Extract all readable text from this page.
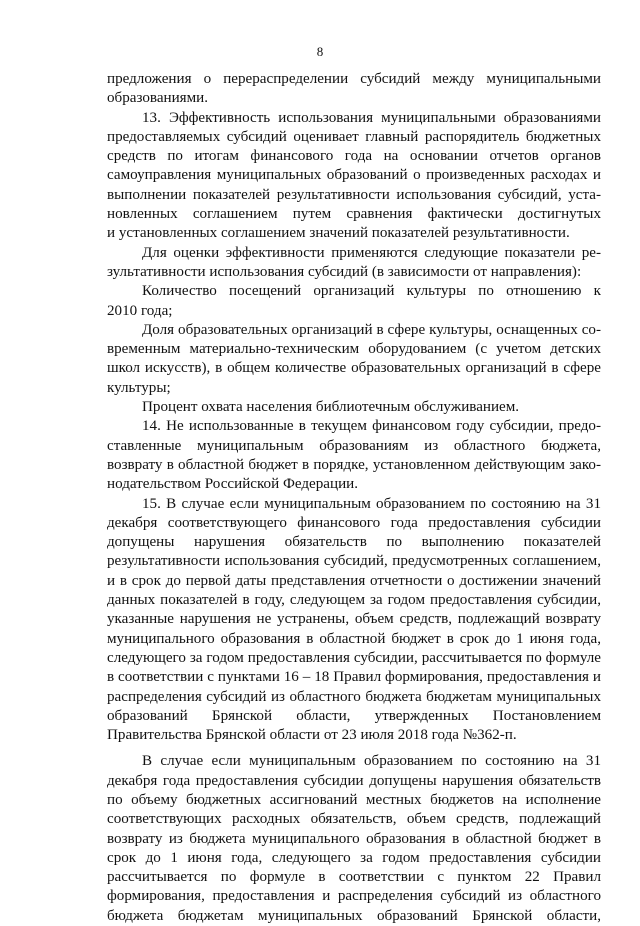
8
предложения о перераспределении субсидий между муниципальными
образованиями.
13. Эффективность использования муниципальными образованиями
предоставляемых субсидий оценивает главный распорядитель бюджетных
средств по итогам финансового года на основании отчетов органов
самоуправления муниципальных образований о произведенных расходах и
выполнении показателей результативности использования субсидий, уста-
новленных соглашением путем сравнения фактически достигнутых
и установленных соглашением значений показателей результативности.
Для оценки эффективности применяются следующие показатели ре-
зультативности использования субсидий (в зависимости от направления):
Количество посещений организаций культуры по отношению к
2010 года;
Доля образовательных организаций в сфере культуры, оснащенных со-
временным материально-техническим оборудованием (с учетом детских
школ искусств), в общем количестве образовательных организаций в сфере
культуры;
Процент охвата населения библиотечным обслуживанием.
14. Не использованные в текущем финансовом году субсидии, предо-
ставленные муниципальным образованиям из областного бюджета,
возврату в областной бюджет в порядке, установленном действующим зако-
нодательством Российской Федерации.
15. В случае если муниципальным образованием по состоянию на 31
декабря соответствующего финансового года предоставления субсидии
допущены нарушения обязательств по выполнению показателей
результативности использования субсидий, предусмотренных соглашением,
и в срок до первой даты представления отчетности о достижении значений
данных показателей в году, следующем за годом предоставления субсидии,
указанные нарушения не устранены, объем средств, подлежащий возврату
муниципального образования в областной бюджет в срок до 1 июня года,
следующего за годом предоставления субсидии, рассчитывается по формуле
в соответствии с пунктами 16 – 18 Правил формирования, предоставления и
распределения субсидий из областного бюджета бюджетам муниципальных
образований Брянской области, утвержденных Постановлением
Правительства Брянской области от 23 июля 2018 года №362-п.
В случае если муниципальным образованием по состоянию на 31
декабря года предоставления субсидии допущены нарушения обязательств
по объему бюджетных ассигнований местных бюджетов на исполнение
соответствующих расходных обязательств, объем средств, подлежащий
возврату из бюджета муниципального образования в областной бюджет в
срок до 1 июня года, следующего за годом предоставления субсидии
рассчитывается по формуле в соответствии с пунктом 22 Правил
формирования, предоставления и распределения субсидий из областного
бюджета бюджетам муниципальных образований Брянской области,
